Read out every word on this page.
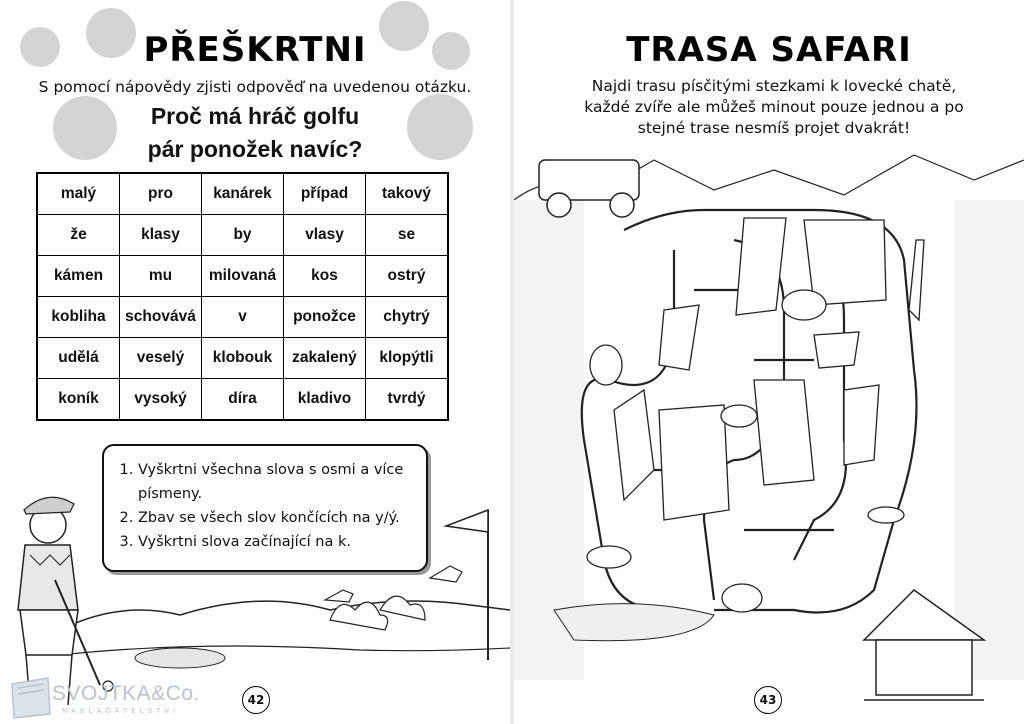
PŘEŠKRTNI
S pomocí nápovědy zjisti odpověď na uvedenou otázku.
Proč má hráč golfu
pár ponožek navíc?
malý	pro	kanárek	případ	takový
že	klasy	by	vlasy	se
kámen	mu	milovaná	kos	ostrý
kobliha	schovává	v	ponožce	chytrý
udělá	veselý	klobouk	zakalený	klopýtli
koník	vysoký	díra	kladivo	tvrdý
1. Vyškrtni všechna slova s osmi a více písmeny.
2. Zbav se všech slov končících na y/ý.
3. Vyškrtni slova začínající na k.
42
SVOJTKA&Co.
NAKLADATELSTVÍ
TRASA SAFARI
Najdi trasu písčitými stezkami k lovecké chatě,
každé zvíře ale můžeš minout pouze jednou a po
stejné trase nesmíš projet dvakrát!
43
